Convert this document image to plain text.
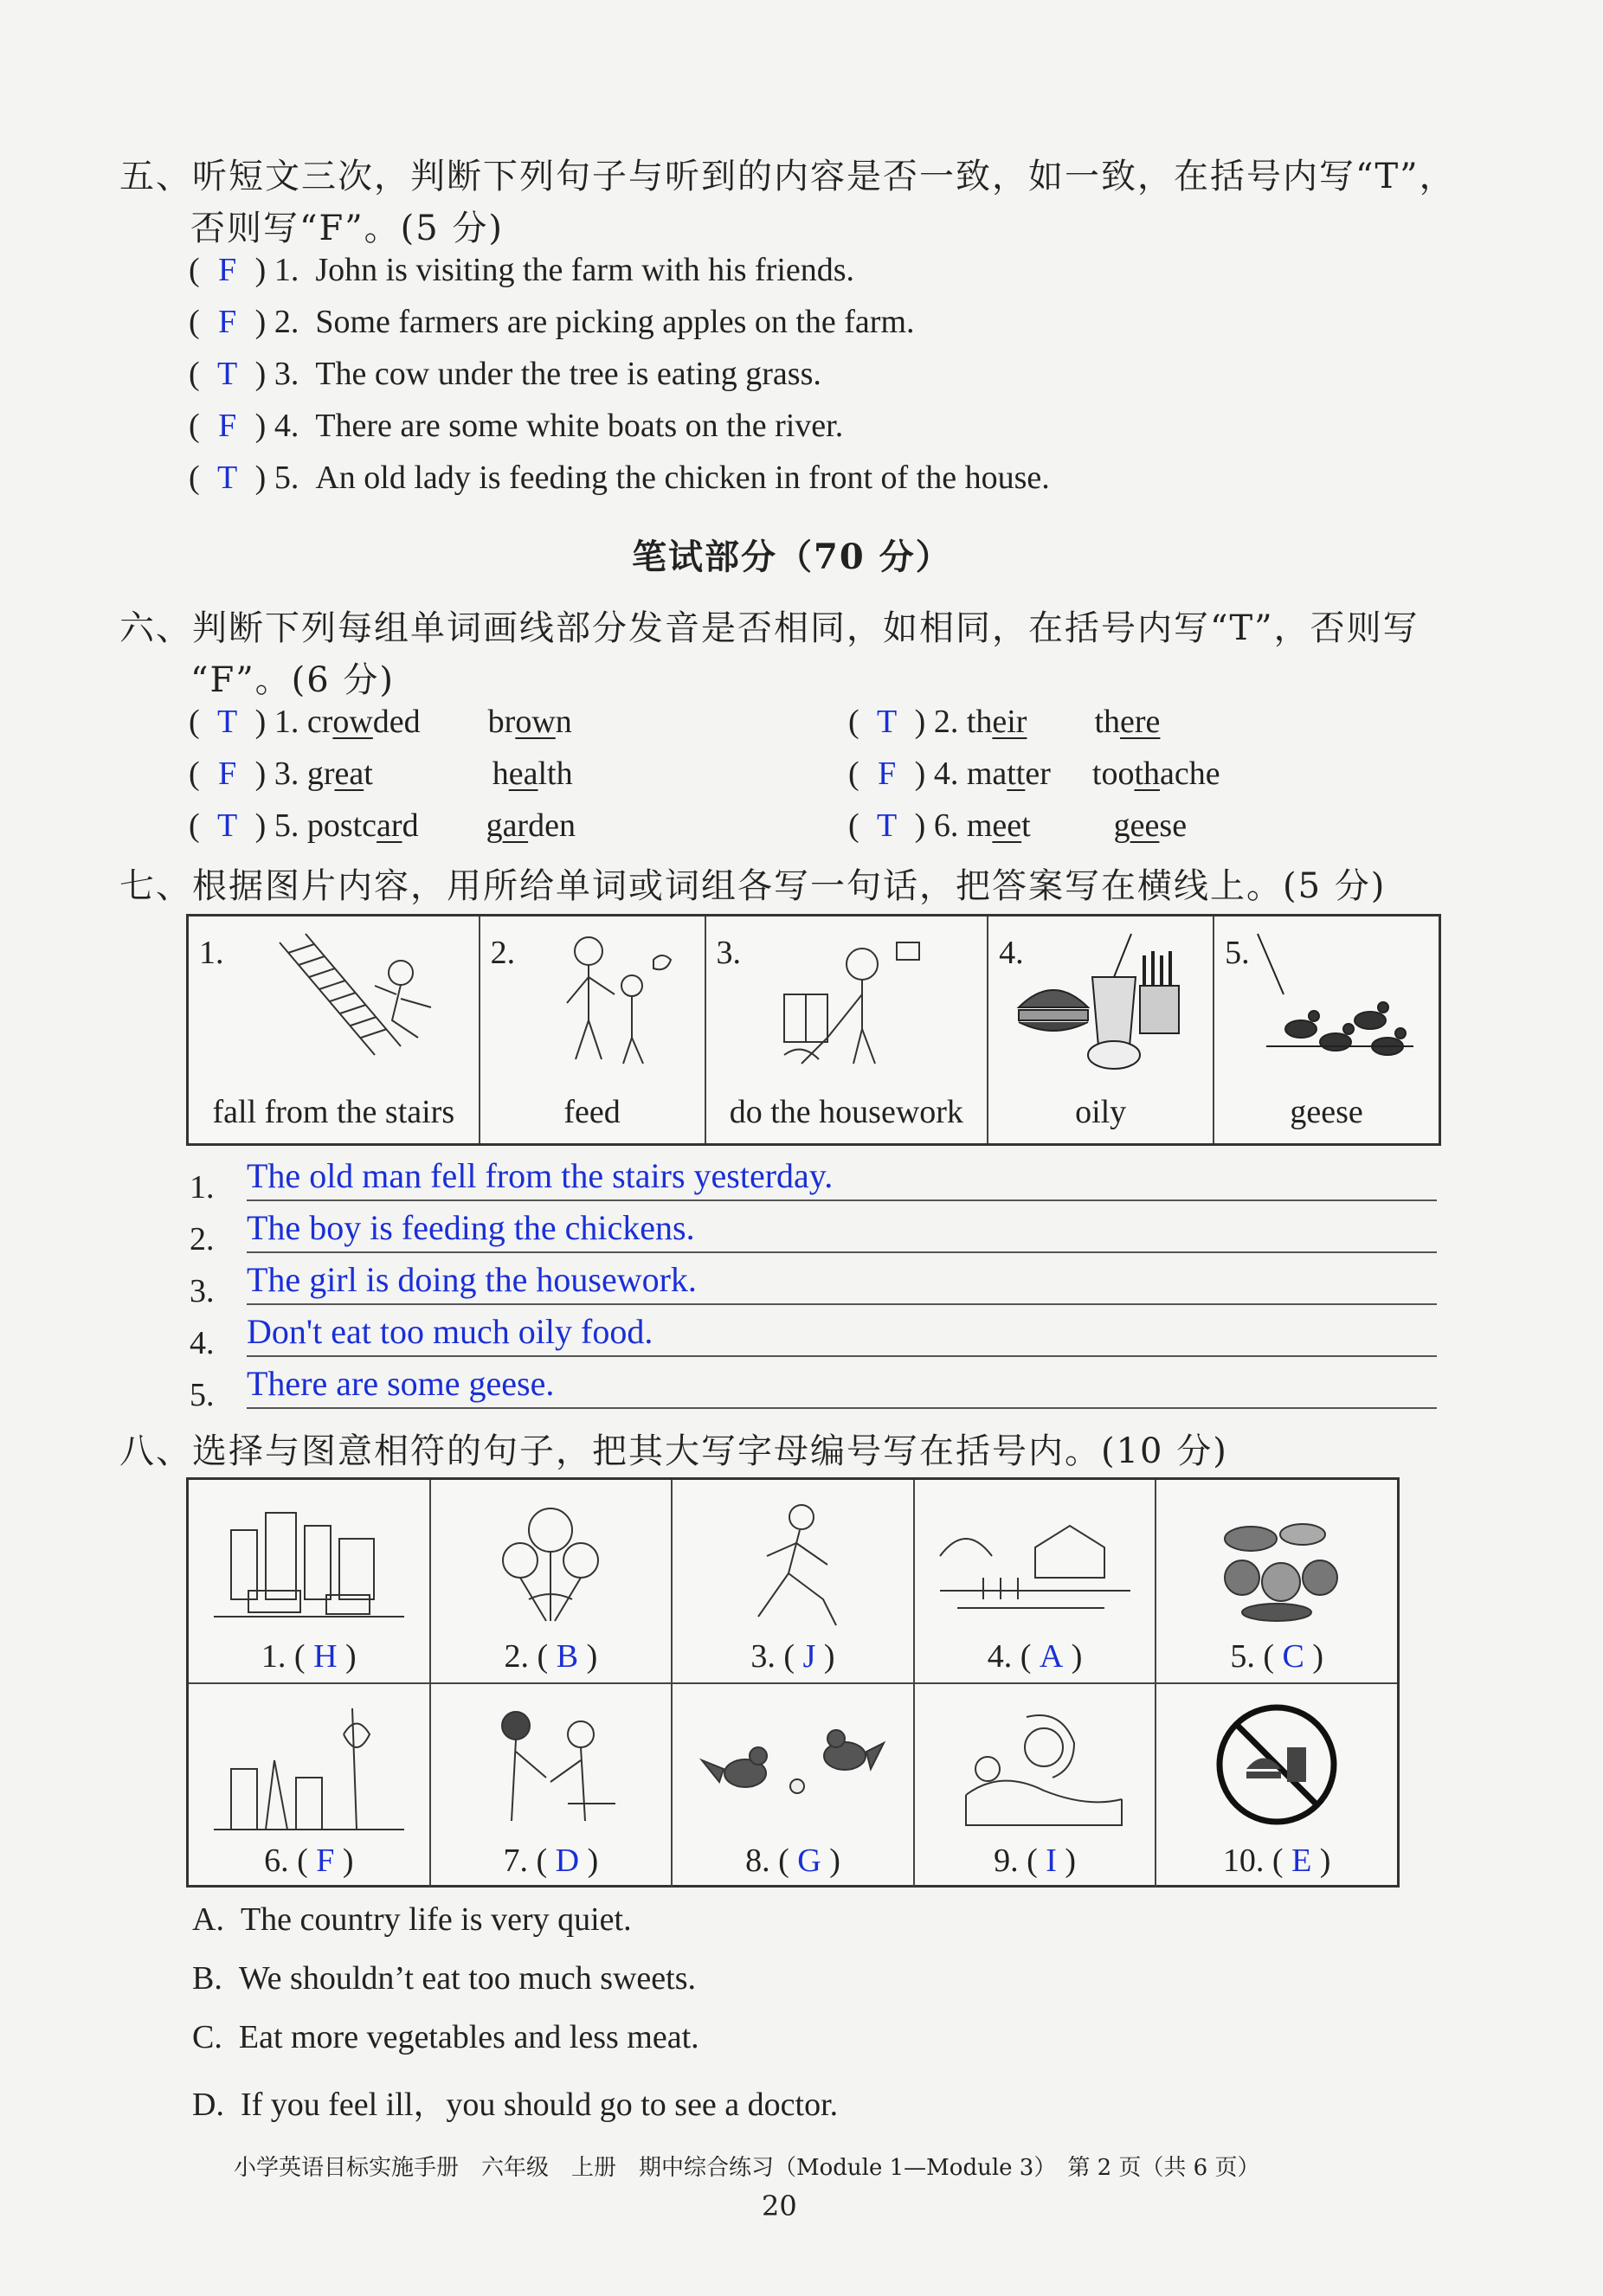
五、听短文三次，判断下列句子与听到的内容是否一致，如一致，在括号内写“T”，
否则写“F”。(5 分)
( F ) 1. John is visiting the farm with his friends.
( F ) 2. Some farmers are picking apples on the farm.
( T ) 3. The cow under the tree is eating grass.
( F ) 4. There are some white boats on the river.
( T ) 5. An old lady is feeding the chicken in front of the house.
笔试部分（70 分）
六、判断下列每组单词画线部分发音是否相同，如相同，在括号内写“T”，否则写
“F”。(6 分)
( T ) 1. crowded brown	( T ) 2. their there
( F ) 3. great	health	( F ) 4. matter toothache
( T ) 5. postcard garden	( T ) 6. meet	geese
七、根据图片内容，用所给单词或词组各写一句话，把答案写在横线上。(5 分)
1.
fall from the stairs
2.
feed
3.
do the housework
4.
oily
5.
geese
1. The old man fell from the stairs yesterday.
2. The boy is feeding the chickens.
3. The girl is doing the housework.
4. Don't eat too much oily food.
5. There are some geese.
八、选择与图意相符的句子，把其大写字母编号写在括号内。(10 分)
1. ( H )	2. ( B )	3. ( J )	4. ( A )	5. ( C )
6. ( F )	7. ( D )	8. ( G )	9. ( I )	10. ( E )
A. The country life is very quiet.
B. We shouldn’t eat too much sweets.
C. Eat more vegetables and less meat.
D. If you feel ill，you should go to see a doctor.
小学英语目标实施手册　六年级　上册　期中综合练习（Module 1—Module 3）　第 2 页（共 6 页）
20
